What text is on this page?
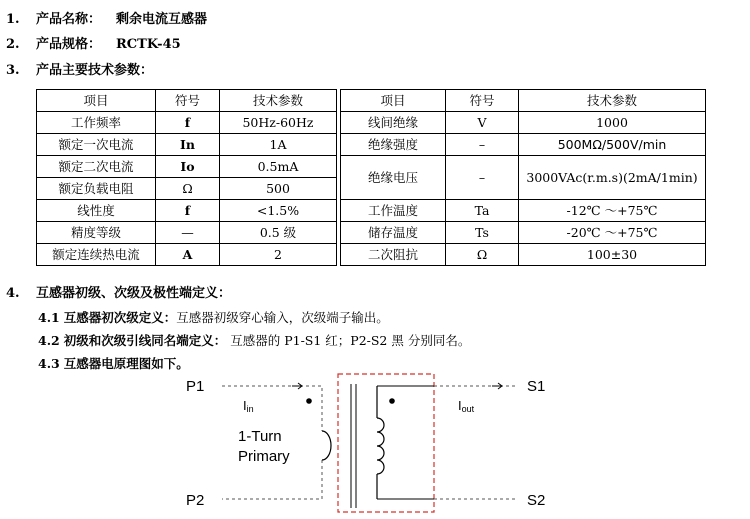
1. 产品名称： 剩余电流互感器
2. 产品规格： RCTK-45
3. 产品主要技术参数：
项目	符号	技术参数		项目	符号	技术参数
工作频率	f	50Hz-60Hz		线间绝缘	V	1000
额定一次电流	In	1A		绝缘强度	–	500MΩ/500V/min
额定二次电流	Io	0.5mA		绝缘电压	–	3000VAc(r.m.s)(2mA/1min)
额定负载电阻	Ω	500				
线性度	f	<1.5%		工作温度	Ta	-12℃ ～+75℃
精度等级	—	0.5 级		储存温度	Ts	-20℃ ～+75℃
额定连续热电流	A	2		二次阻抗	Ω	100±30
4. 互感器初级、次级及极性端定义：
4.1 互感器初次级定义：互感器初级穿心输入，次级端子输出。
4.2 初级和次级引线同名端定义： 互感器的 P1-S1 红；P2-S2 黑 分别同名。
4.3 互感器电原理图如下。
P1
P2
S1
S2
Iin	Iout
1-Turn
Primary
